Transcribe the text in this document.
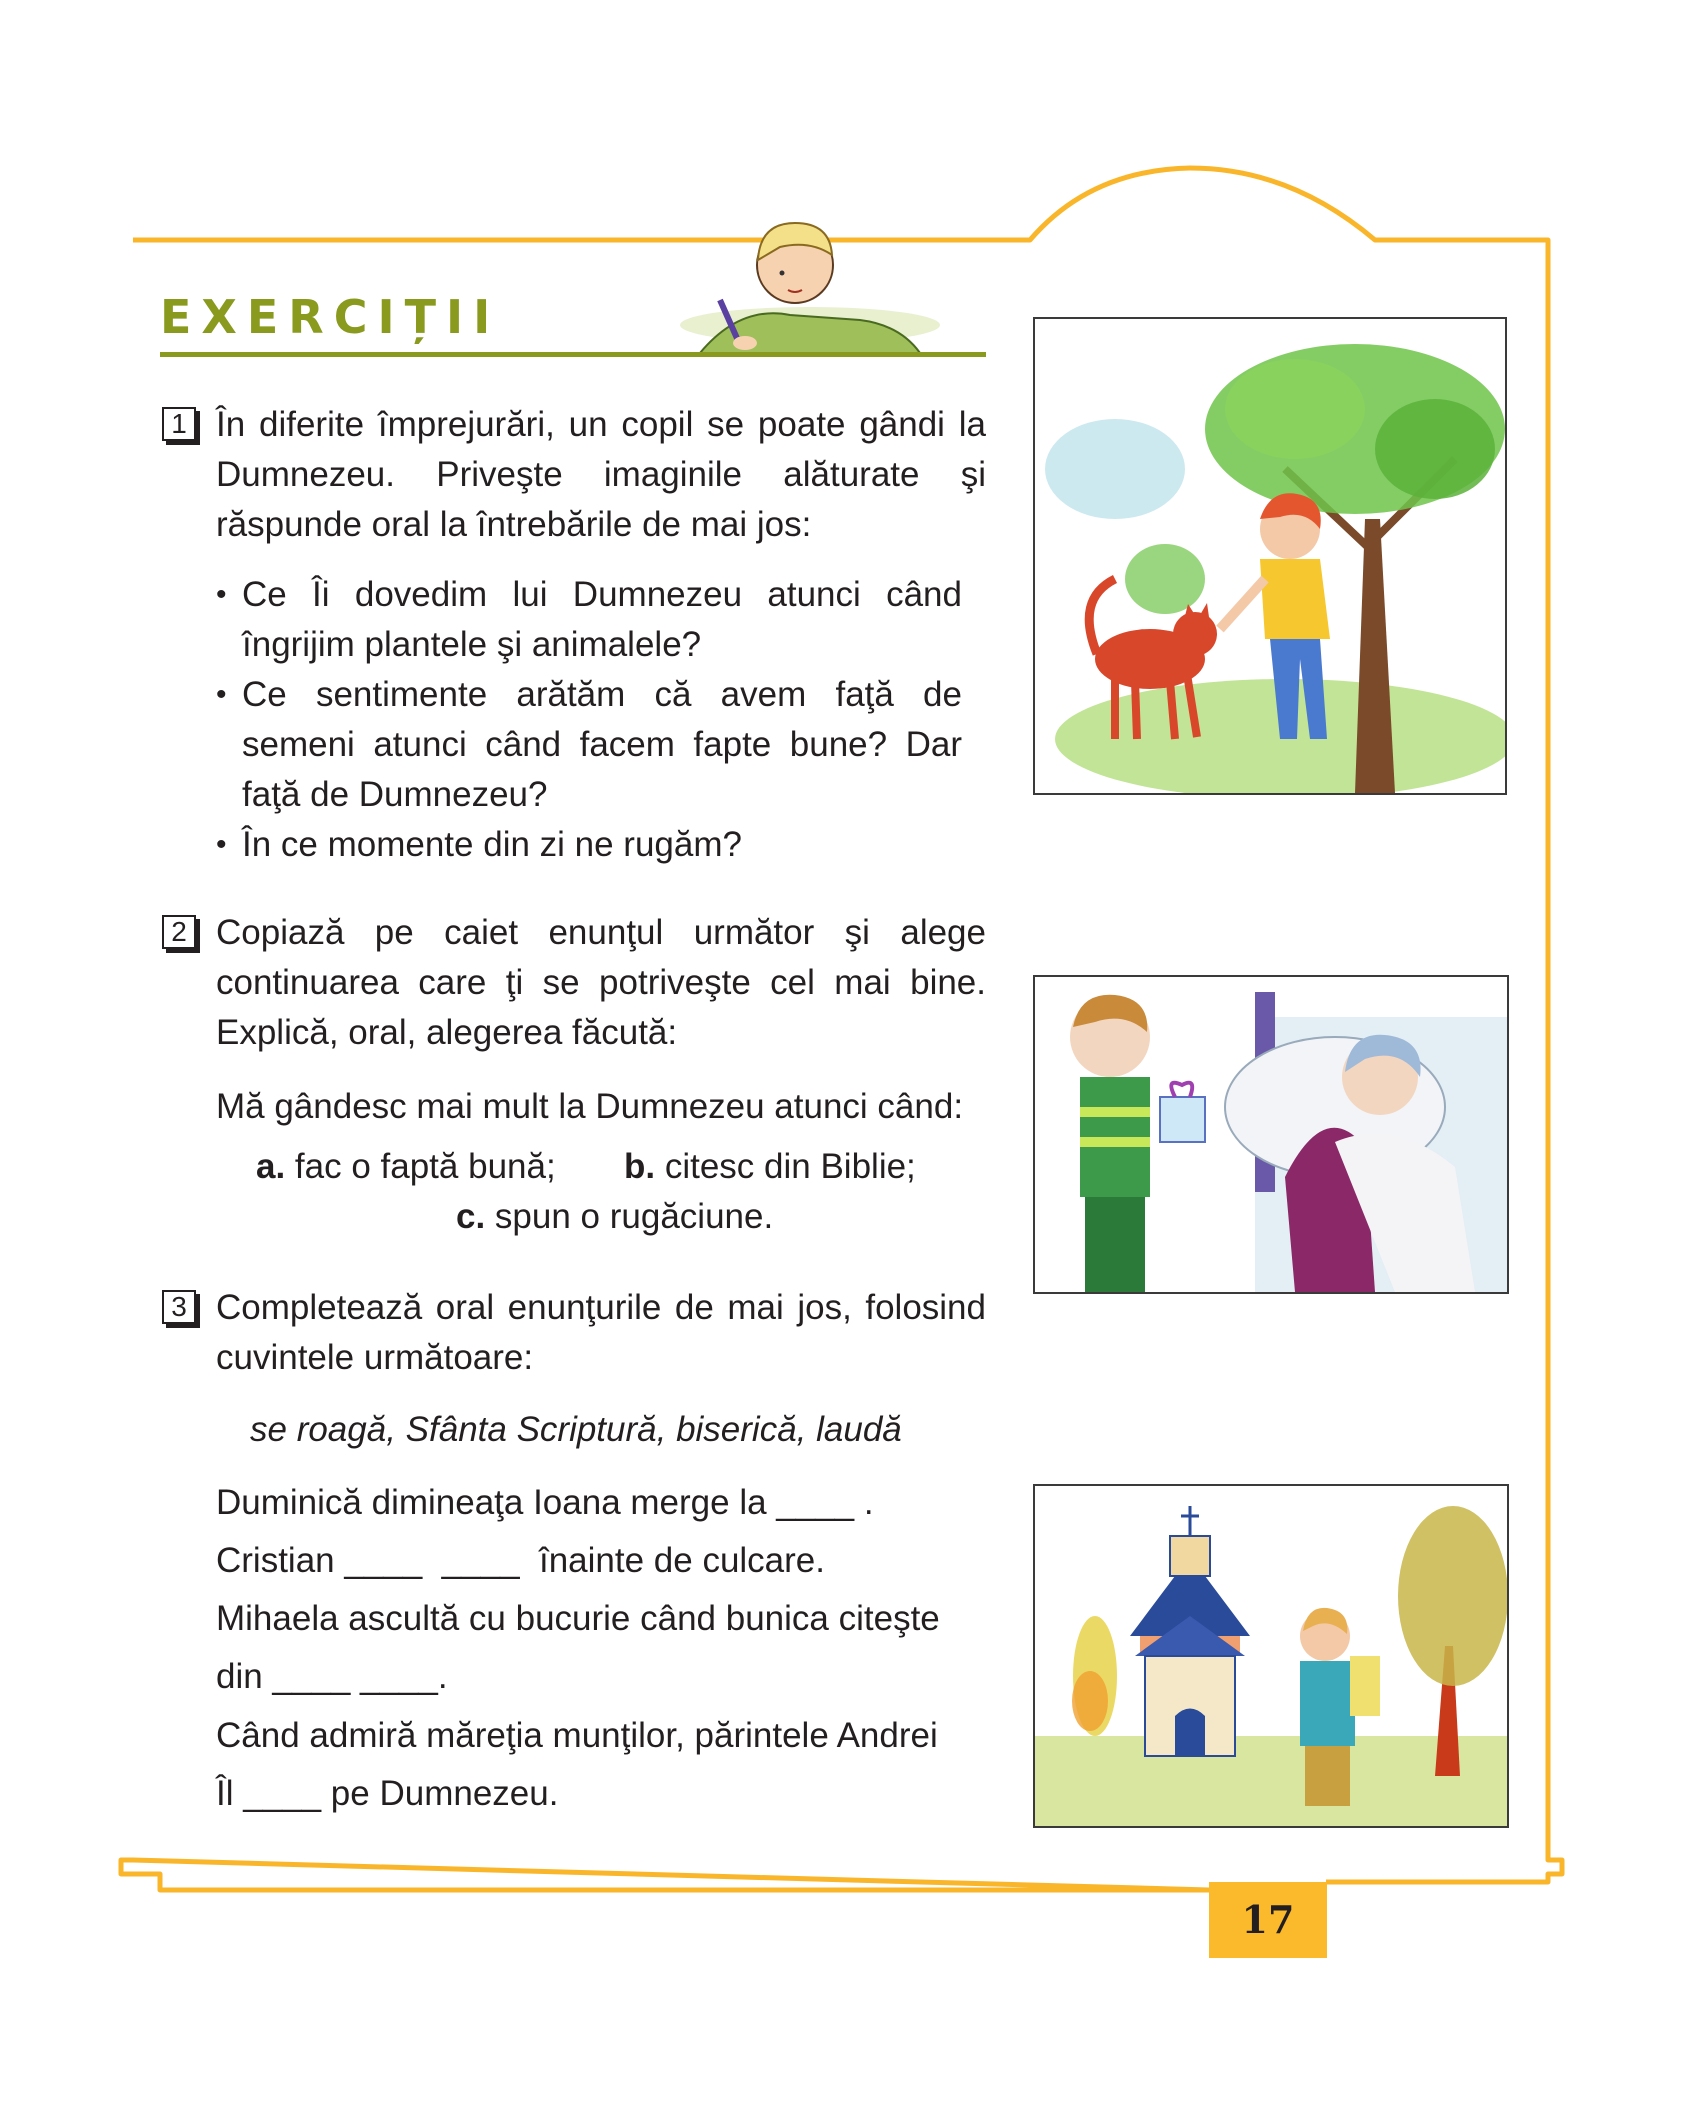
EXERCIȚII
1 În diferite împrejurări, un copil se poate gândi la Dumnezeu. Priveşte imaginile alăturate şi răspunde oral la întrebările de mai jos:
• Ce Îi dovedim lui Dumnezeu atunci când îngrijim plantele şi animalele?
• Ce sentimente arătăm că avem faţă de semeni atunci când facem fapte bune? Dar faţă de Dumnezeu?
• În ce momente din zi ne rugăm?
2 Copiază pe caiet enunţul următor şi alege continuarea care ţi se potriveşte cel mai bine. Explică, oral, alegerea făcută:
Mă gândesc mai mult la Dumnezeu atunci când:
a. fac o faptă bună; b. citesc din Biblie;
c. spun o rugăciune.
3 Completează oral enunţurile de mai jos, folosind cuvintele următoare:
se roagă, Sfânta Scriptură, biserică, laudă
Duminică dimineaţa Ioana merge la ____ .
Cristian ____  ____  înainte de culcare.
Mihaela ascultă cu bucurie când bunica citeşte
din ____ ____.
Când admiră măreţia munţilor, părintele Andrei
Îl ____ pe Dumnezeu.
17
